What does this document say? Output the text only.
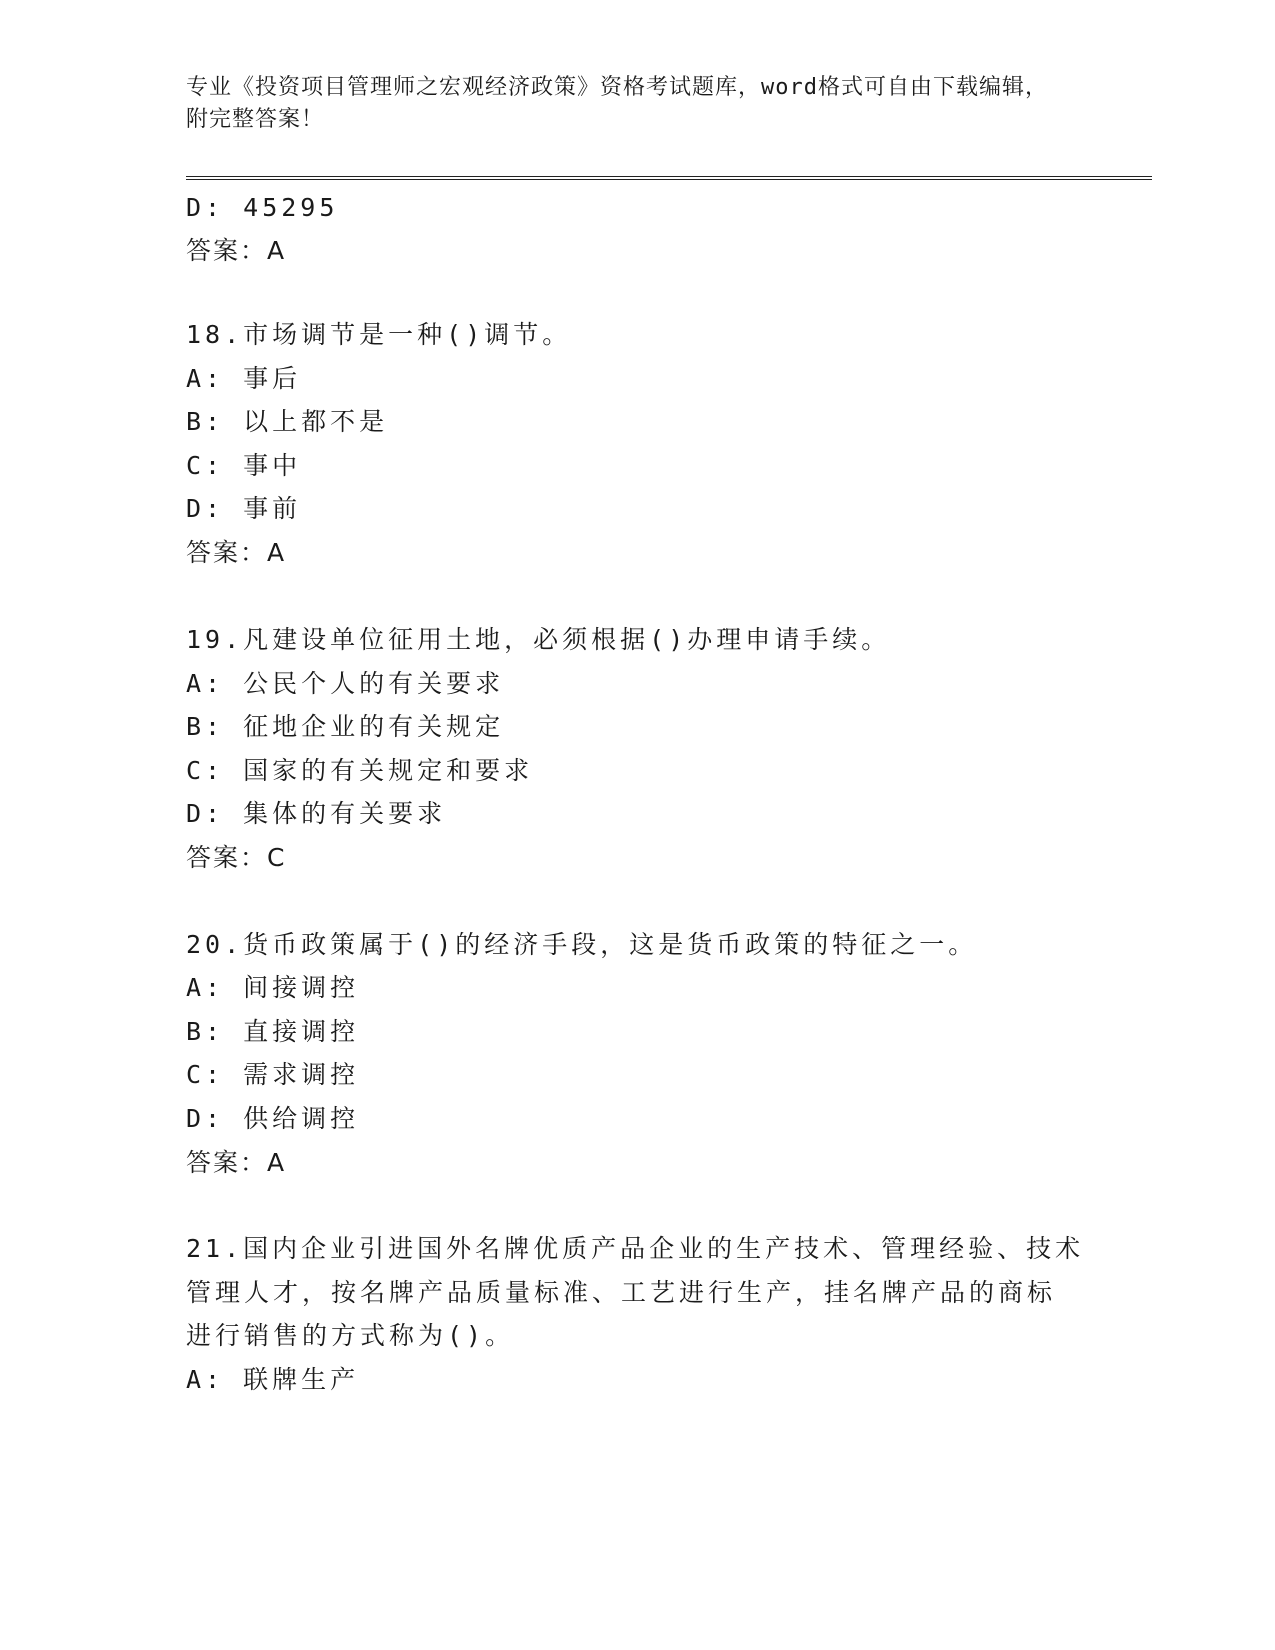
专业《投资项目管理师之宏观经济政策》资格考试题库，word格式可自由下载编辑，附完整答案！
D: 45295
答案：A
18.市场调节是一种()调节。
A: 事后
B: 以上都不是
C: 事中
D: 事前
答案：A
19.凡建设单位征用土地，必须根据()办理申请手续。
A: 公民个人的有关要求
B: 征地企业的有关规定
C: 国家的有关规定和要求
D: 集体的有关要求
答案：C
20.货币政策属于()的经济手段，这是货币政策的特征之一。
A: 间接调控
B: 直接调控
C: 需求调控
D: 供给调控
答案：A
21.国内企业引进国外名牌优质产品企业的生产技术、管理经验、技术
管理人才，按名牌产品质量标准、工艺进行生产，挂名牌产品的商标
进行销售的方式称为()。
A: 联牌生产
